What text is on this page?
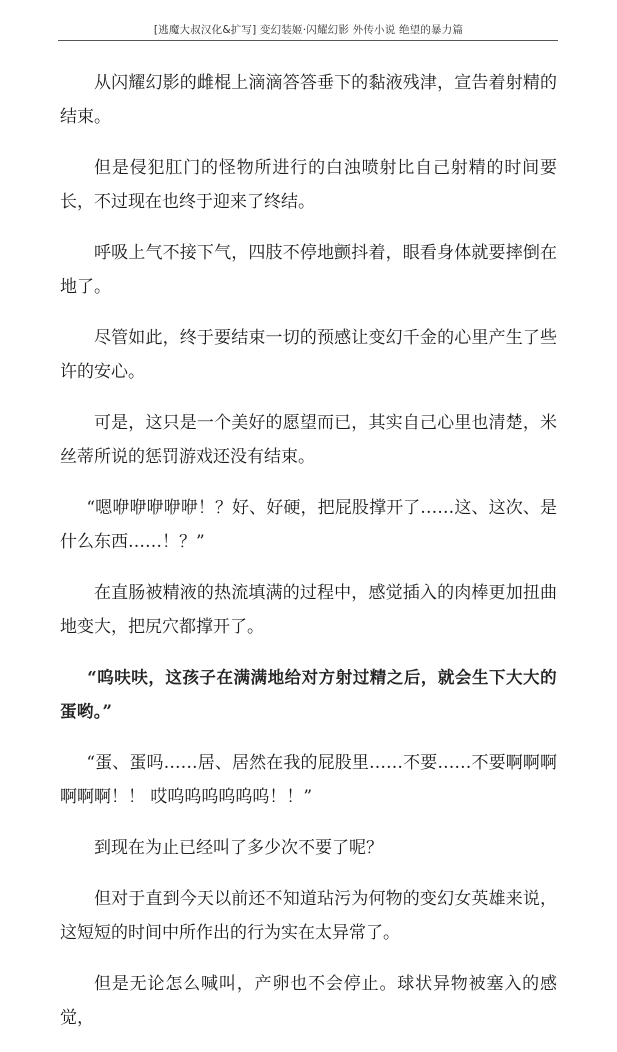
[逃魔大叔汉化&扩写] 变幻装姬·闪耀幻影 外传小说 绝望的暴力篇

从闪耀幻影的雌棍上滴滴答答垂下的黏液残津，宣告着射精的结束。

但是侵犯肛门的怪物所进行的白浊喷射比自己射精的时间要长，不过现在也终于迎来了终结。

呼吸上气不接下气，四肢不停地颤抖着，眼看身体就要摔倒在地了。

尽管如此，终于要结束一切的预感让变幻千金的心里产生了些许的安心。

可是，这只是一个美好的愿望而已，其实自己心里也清楚，米丝蒂所说的惩罚游戏还没有结束。

“嗯咿咿咿咿咿！？好、好硬，把屁股撑开了……这、这次、是什么东西……！？”

在直肠被精液的热流填满的过程中，感觉插入的肉棒更加扭曲地变大，把尻穴都撑开了。

“呜呋呋，这孩子在满满地给对方射过精之后，就会生下大大的蛋哟。”

“蛋、蛋吗……居、居然在我的屁股里……不要……不要啊啊啊啊啊啊！！ 哎呜呜呜呜呜呜！！”

到现在为止已经叫了多少次不要了呢？

但对于直到今天以前还不知道玷污为何物的变幻女英雄来说，这短短的时间中所作出的行为实在太异常了。

但是无论怎么喊叫，产卵也不会停止。球状异物被塞入的感觉，
